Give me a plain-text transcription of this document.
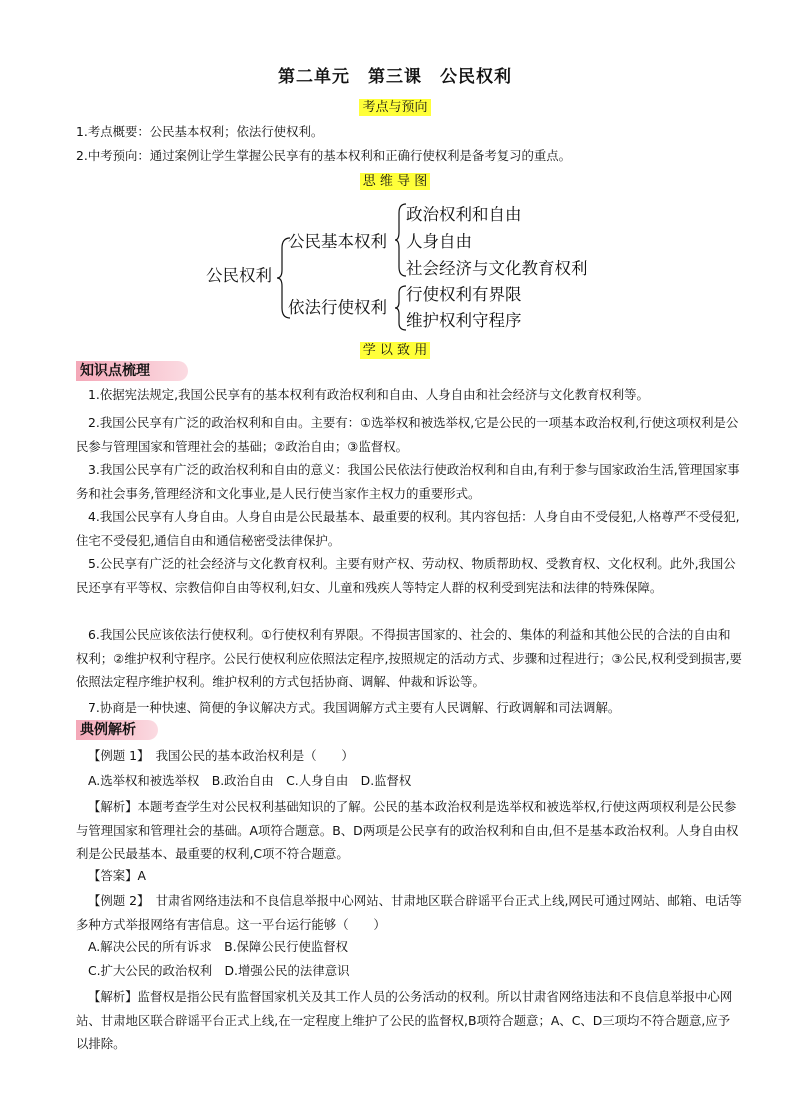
第二单元　第三课　公民权利
考点与预向
1.考点概要：公民基本权利；依法行使权利。
2.中考预向：通过案例让学生掌握公民享有的基本权利和正确行使权利是备考复习的重点。
思 维 导 图
公民权利
公民基本权利
依法行使权利
政治权利和自由
人身自由
社会经济与文化教育权利
行使权利有界限
维护权利守程序
学 以 致 用
知识点梳理
1.依据宪法规定,我国公民享有的基本权利有政治权利和自由、人身自由和社会经济与文化教育权利等。
2.我国公民享有广泛的政治权利和自由。主要有：①选举权和被选举权,它是公民的一项基本政治权利,行使这项权利是公民参与管理国家和管理社会的基础；②政治自由；③监督权。
3.我国公民享有广泛的政治权利和自由的意义：我国公民依法行使政治权利和自由,有利于参与国家政治生活,管理国家事务和社会事务,管理经济和文化事业,是人民行使当家作主权力的重要形式。
4.我国公民享有人身自由。人身自由是公民最基本、最重要的权利。其内容包括：人身自由不受侵犯,人格尊严不受侵犯,住宅不受侵犯,通信自由和通信秘密受法律保护。
5.公民享有广泛的社会经济与文化教育权利。主要有财产权、劳动权、物质帮助权、受教育权、文化权利。此外,我国公民还享有平等权、宗教信仰自由等权利,妇女、儿童和残疾人等特定人群的权利受到宪法和法律的特殊保障。
6.我国公民应该依法行使权利。①行使权利有界限。不得损害国家的、社会的、集体的利益和其他公民的合法的自由和权利；②维护权利守程序。公民行使权利应依照法定程序,按照规定的活动方式、步骤和过程进行；③公民,权利受到损害,要依照法定程序维护权利。维护权利的方式包括协商、调解、仲裁和诉讼等。
7.协商是一种快速、简便的争议解决方式。我国调解方式主要有人民调解、行政调解和司法调解。
典例解析
【例题 1】　我国公民的基本政治权利是（　　）
A.选举权和被选举权　B.政治自由　C.人身自由　D.监督权
【解析】本题考查学生对公民权利基础知识的了解。公民的基本政治权利是选举权和被选举权,行使这两项权利是公民参与管理国家和管理社会的基础。A项符合题意。B、D两项是公民享有的政治权利和自由,但不是基本政治权利。人身自由权利是公民最基本、最重要的权利,C项不符合题意。
【答案】A
【例题 2】　甘肃省网络违法和不良信息举报中心网站、甘肃地区联合辟谣平台正式上线,网民可通过网站、邮箱、电话等多种方式举报网络有害信息。这一平台运行能够（　　）
A.解决公民的所有诉求　B.保障公民行使监督权
C.扩大公民的政治权利　D.增强公民的法律意识
【解析】监督权是指公民有监督国家机关及其工作人员的公务活动的权利。所以甘肃省网络违法和不良信息举报中心网站、甘肃地区联合辟谣平台正式上线,在一定程度上维护了公民的监督权,B项符合题意；A、C、D三项均不符合题意,应予以排除。
